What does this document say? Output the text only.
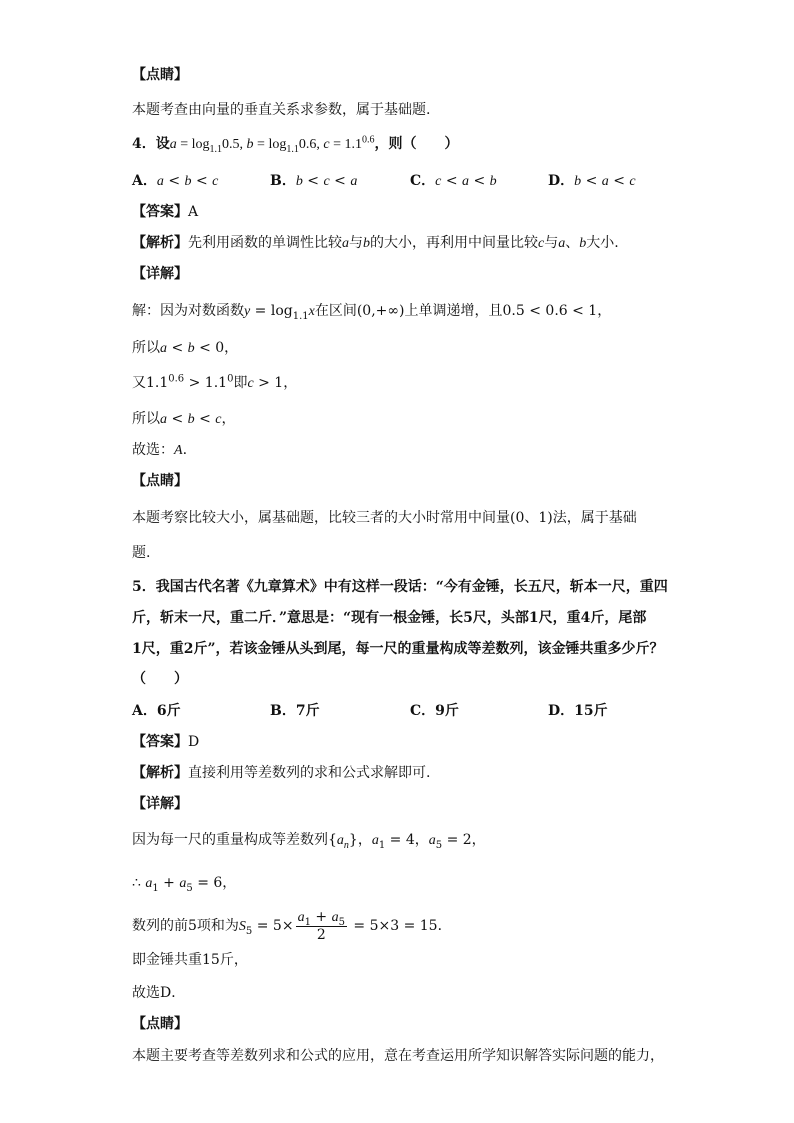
【点睛】
本题考查由向量的垂直关系求参数，属于基础题.
4．设$a = \log_{1.1}0.5$, $b = \log_{1.1}0.6$, $c = 1.1^{0.6}$，则（　　）
A．a < b < c	B．b < c < a	C．c < a < b	D．b < a < c
【答案】A
【解析】先利用函数的单调性比较a与b的大小，再利用中间量比较c与a、b大小.
【详解】
解：因为对数函数$y = \log_{1.1}x$在区间(0,+∞)上单调递增，且0.5 < 0.6 < 1，
所以a < b < 0，
又$1.1^{0.6} > 1.1^0$即c > 1，
所以a < b < c，
故选：A.
【点睛】
本题考察比较大小，属基础题，比较三者的大小时常用中间量(0、1)法，属于基础
题.
5．我国古代名著《九章算术》中有这样一段话：“今有金锤，长五尺，斩本一尺，重四
斤，斩末一尺，重二斤．”意思是：“现有一根金锤，长5尺，头部1尺，重4斤，尾部
1尺，重2斤”，若该金锤从头到尾，每一尺的重量构成等差数列，该金锤共重多少斤？
（　　）
A．6斤	B．7斤	C．9斤	D．15斤
【答案】D
【解析】直接利用等差数列的求和公式求解即可.
【详解】
因为每一尺的重量构成等差数列$\{a_n\}$，$a_1 = 4$，$a_5 = 2$，
∴ $a_1 + a_5 = 6$，
数列的前5项和为$S_5 = 5\times \frac{a_1 + a_5}{2} = 5\times 3 = 15$．
即金锤共重15斤，
故选D．
【点睛】
本题主要考查等差数列求和公式的应用，意在考查运用所学知识解答实际问题的能力，
